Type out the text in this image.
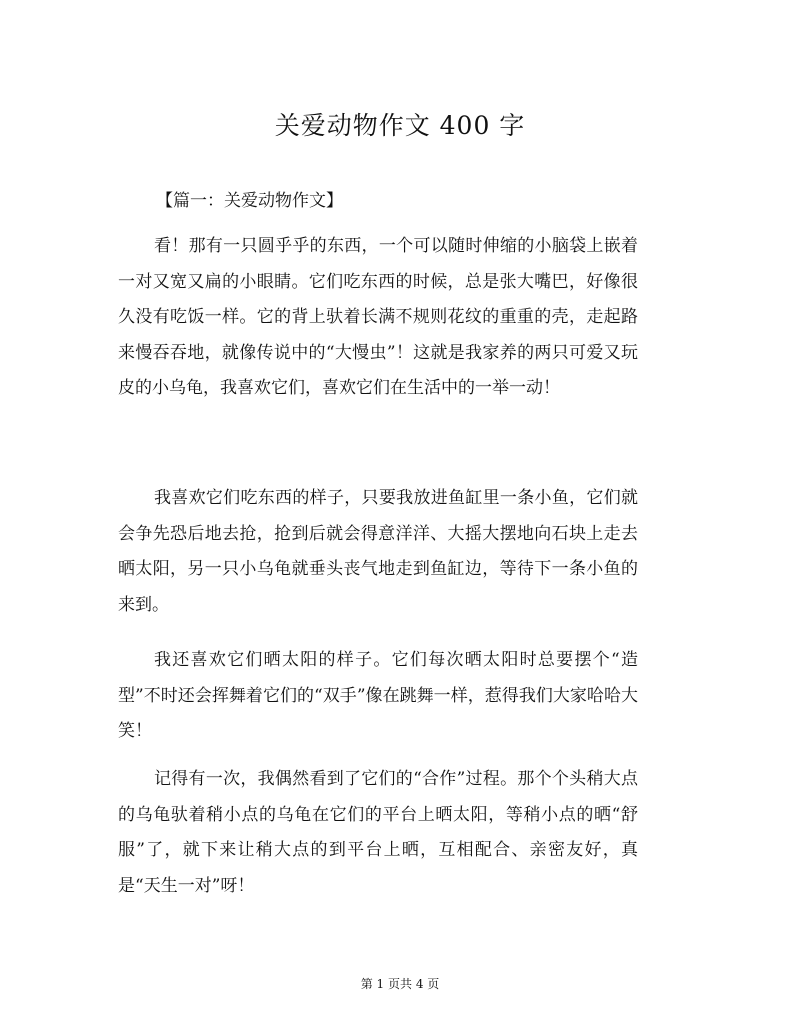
关爱动物作文 400 字
【篇一：关爱动物作文】

看！那有一只圆乎乎的东西，一个可以随时伸缩的小脑袋上嵌着一对又宽又扁的小眼睛。它们吃东西的时候，总是张大嘴巴，好像很久没有吃饭一样。它的背上驮着长满不规则花纹的重重的壳，走起路来慢吞吞地，就像传说中的“大慢虫”！这就是我家养的两只可爱又玩皮的小乌龟，我喜欢它们，喜欢它们在生活中的一举一动！

我喜欢它们吃东西的样子，只要我放进鱼缸里一条小鱼，它们就会争先恐后地去抢，抢到后就会得意洋洋、大摇大摆地向石块上走去晒太阳，另一只小乌龟就垂头丧气地走到鱼缸边，等待下一条小鱼的来到。

我还喜欢它们晒太阳的样子。它们每次晒太阳时总要摆个“造型”不时还会挥舞着它们的“双手”像在跳舞一样，惹得我们大家哈哈大笑！

记得有一次，我偶然看到了它们的“合作”过程。那个个头稍大点的乌龟驮着稍小点的乌龟在它们的平台上晒太阳，等稍小点的晒“舒服”了，就下来让稍大点的到平台上晒，互相配合、亲密友好，真是“天生一对”呀！

第 1 页共 4 页
